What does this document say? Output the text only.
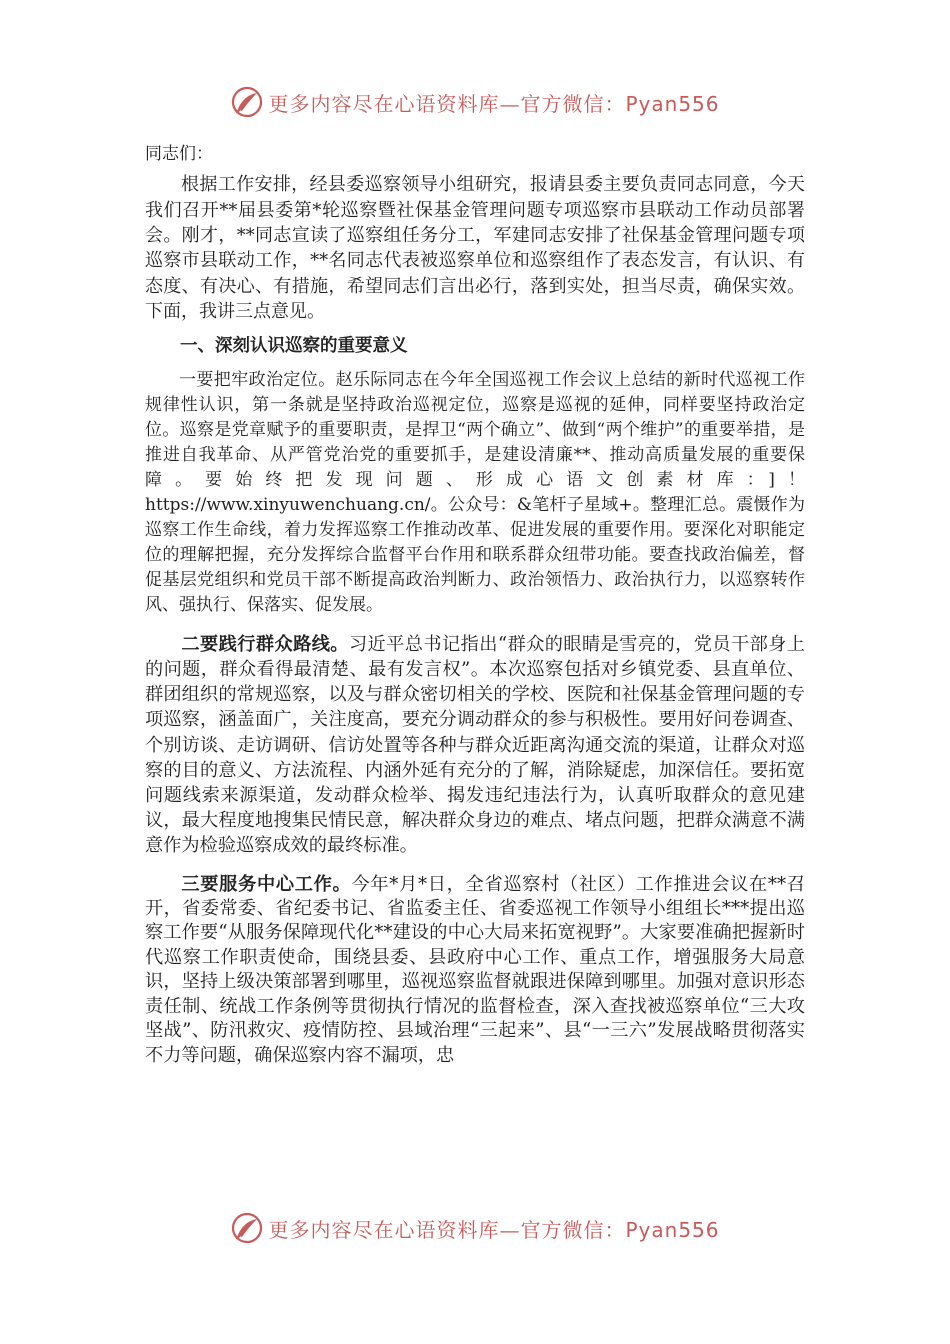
更多内容尽在心语资料库—官方微信：Pyan556

同志们：

根据工作安排，经县委巡察领导小组研究，报请县委主要负责同志同意，今天我们召开**届县委第*轮巡察暨社保基金管理问题专项巡察市县联动工作动员部署会。刚才，**同志宣读了巡察组任务分工，军建同志安排了社保基金管理问题专项巡察市县联动工作，**名同志代表被巡察单位和巡察组作了表态发言，有认识、有态度、有决心、有措施，希望同志们言出必行，落到实处，担当尽责，确保实效。下面，我讲三点意见。

一、深刻认识巡察的重要意义

一要把牢政治定位。赵乐际同志在今年全国巡视工作会议上总结的新时代巡视工作规律性认识，第一条就是坚持政治巡视定位，巡察是巡视的延伸，同样要坚持政治定位。巡察是党章赋予的重要职责，是捍卫“两个确立”、做到“两个维护”的重要举措，是推进自我革命、从严管党治党的重要抓手，是建设清廉**、推动高质量发展的重要保障。要始终把发现问题、形成心语文创素材库：]！https://www.xinyuwenchuang.cn/。公众号：&笔杆子星域+。整理汇总。震慑作为巡察工作生命线，着力发挥巡察工作推动改革、促进发展的重要作用。要深化对职能定位的理解把握，充分发挥综合监督平台作用和联系群众纽带功能。要查找政治偏差，督促基层党组织和党员干部不断提高政治判断力、政治领悟力、政治执行力，以巡察转作风、强执行、保落实、促发展。

二要践行群众路线。习近平总书记指出“群众的眼睛是雪亮的，党员干部身上的问题，群众看得最清楚、最有发言权”。本次巡察包括对乡镇党委、县直单位、群团组织的常规巡察，以及与群众密切相关的学校、医院和社保基金管理问题的专项巡察，涵盖面广，关注度高，要充分调动群众的参与积极性。要用好问卷调查、个别访谈、走访调研、信访处置等各种与群众近距离沟通交流的渠道，让群众对巡察的目的意义、方法流程、内涵外延有充分的了解，消除疑虑，加深信任。要拓宽问题线索来源渠道，发动群众检举、揭发违纪违法行为，认真听取群众的意见建议，最大程度地搜集民情民意，解决群众身边的难点、堵点问题，把群众满意不满意作为检验巡察成效的最终标准。

三要服务中心工作。今年*月*日，全省巡察村（社区）工作推进会议在**召开，省委常委、省纪委书记、省监委主任、省委巡视工作领导小组组长***提出巡察工作要“从服务保障现代化**建设的中心大局来拓宽视野”。大家要准确把握新时代巡察工作职责使命，围绕县委、县政府中心工作、重点工作，增强服务大局意识，坚持上级决策部署到哪里，巡视巡察监督就跟进保障到哪里。加强对意识形态责任制、统战工作条例等贯彻执行情况的监督检查，深入查找被巡察单位“三大攻坚战”、防汛救灾、疫情防控、县域治理“三起来”、县“一三六”发展战略贯彻落实不力等问题，确保巡察内容不漏项，忠

更多内容尽在心语资料库—官方微信：Pyan556
